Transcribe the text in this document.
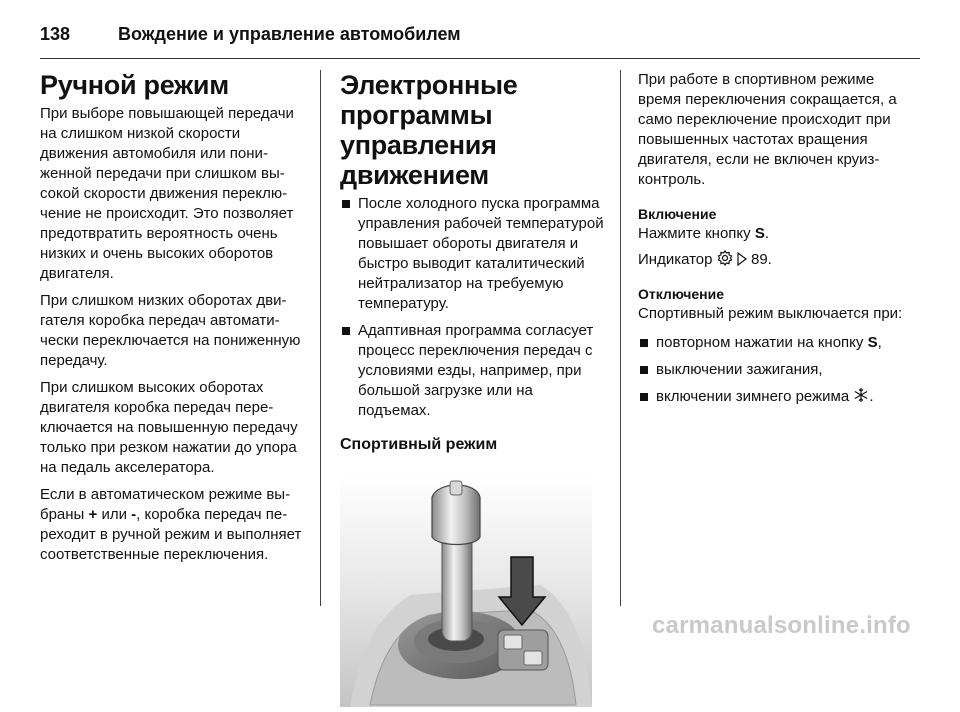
138	Вождение и управление автомобилем
Ручной режим

При выборе повышающей передачи на слишком низкой скорости движения автомобиля или пониженной передачи при слишком высокой скорости движения переключение не происходит. Это позволяет предотвратить вероятность очень низких и очень высоких оборотов двигателя.

При слишком низких оборотах двигателя коробка передач автоматически переключается на пониженную передачу.

При слишком высоких оборотах двигателя коробка передач переключается на повышенную передачу только при резком нажатии до упора на педаль акселератора.

Если в автоматическом режиме выбраны + или -, коробка передач переходит в ручной режим и выполняет соответственные переключения.

Электронные программы управления движением
После холодного пуска программа управления рабочей температурой повышает обороты двигателя и быстро выводит каталитический нейтрализатор на требуемую температуру.
Адаптивная программа согласует процесс переключения передач с условиями езды, например, при большой загрузке или на подъемах.
Спортивный режим

При работе в спортивном режиме время переключения сокращается, а само переключение происходит при повышенных частотах вращения двигателя, если не включен круиз-контроль.

Включение

Нажмите кнопку S.

Индикатор   89.

Отключение

Спортивный режим выключается при:

повторном нажатии на кнопку S,
выключении зажигания,
включении зимнего режима .
carmanualsonline.info
